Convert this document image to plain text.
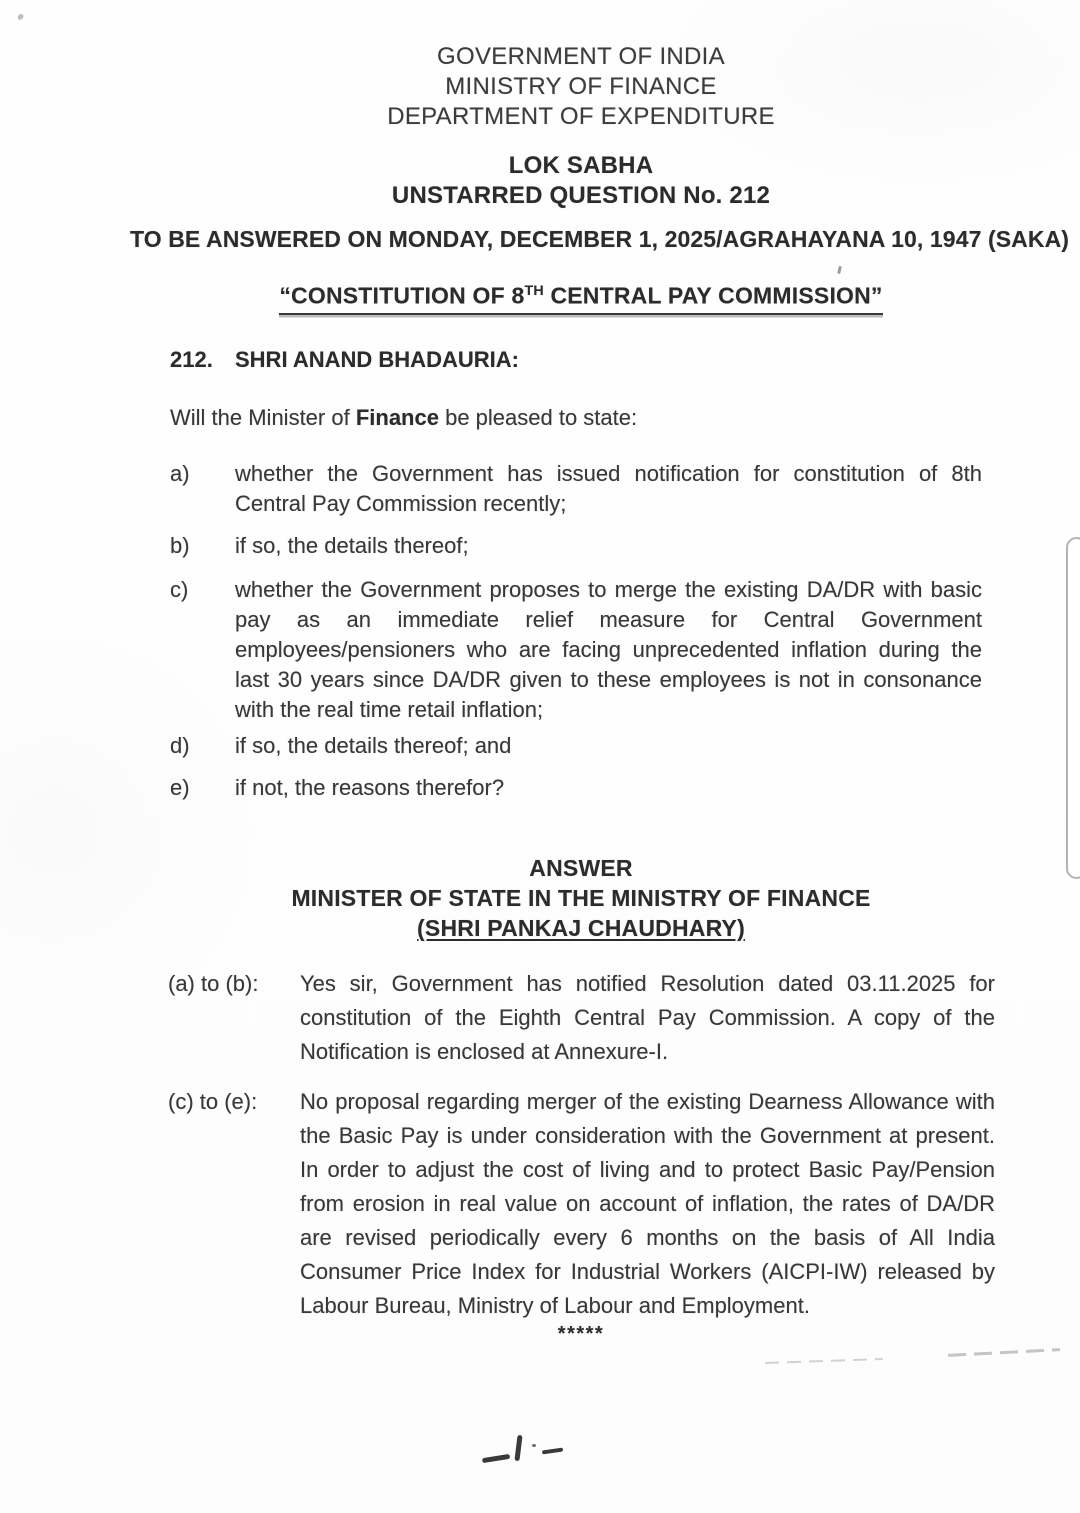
GOVERNMENT OF INDIA
MINISTRY OF FINANCE
DEPARTMENT OF EXPENDITURE
LOK SABHA
UNSTARRED QUESTION No. 212
TO BE ANSWERED ON MONDAY, DECEMBER 1, 2025/AGRAHAYANA 10, 1947 (SAKA)
“CONSTITUTION OF 8TH CENTRAL PAY COMMISSION”
212.	SHRI ANAND BHADAURIA:

Will the Minister of Finance be pleased to state:

a)	whether the Government has issued notification for constitution of 8th Central Pay Commission recently;
b)	if so, the details thereof;
c)	whether the Government proposes to merge the existing DA/DR with basic pay as an immediate relief measure for Central Government employees/pensioners who are facing unprecedented inflation during the last 30 years since DA/DR given to these employees is not in consonance with the real time retail inflation;
d)	if so, the details thereof; and
e)	if not, the reasons therefor?
ANSWER
MINISTER OF STATE IN THE MINISTRY OF FINANCE
(SHRI PANKAJ CHAUDHARY)
(a) to (b):	Yes sir, Government has notified Resolution dated 03.11.2025 for constitution of the Eighth Central Pay Commission. A copy of the Notification is enclosed at Annexure-I.
(c) to (e):	No proposal regarding merger of the existing Dearness Allowance with the Basic Pay is under consideration with the Government at present. In order to adjust the cost of living and to protect Basic Pay/Pension from erosion in real value on account of inflation, the rates of DA/DR are revised periodically every 6 months on the basis of All India Consumer Price Index for Industrial Workers (AICPI-IW) released by Labour Bureau, Ministry of Labour and Employment.
*****
